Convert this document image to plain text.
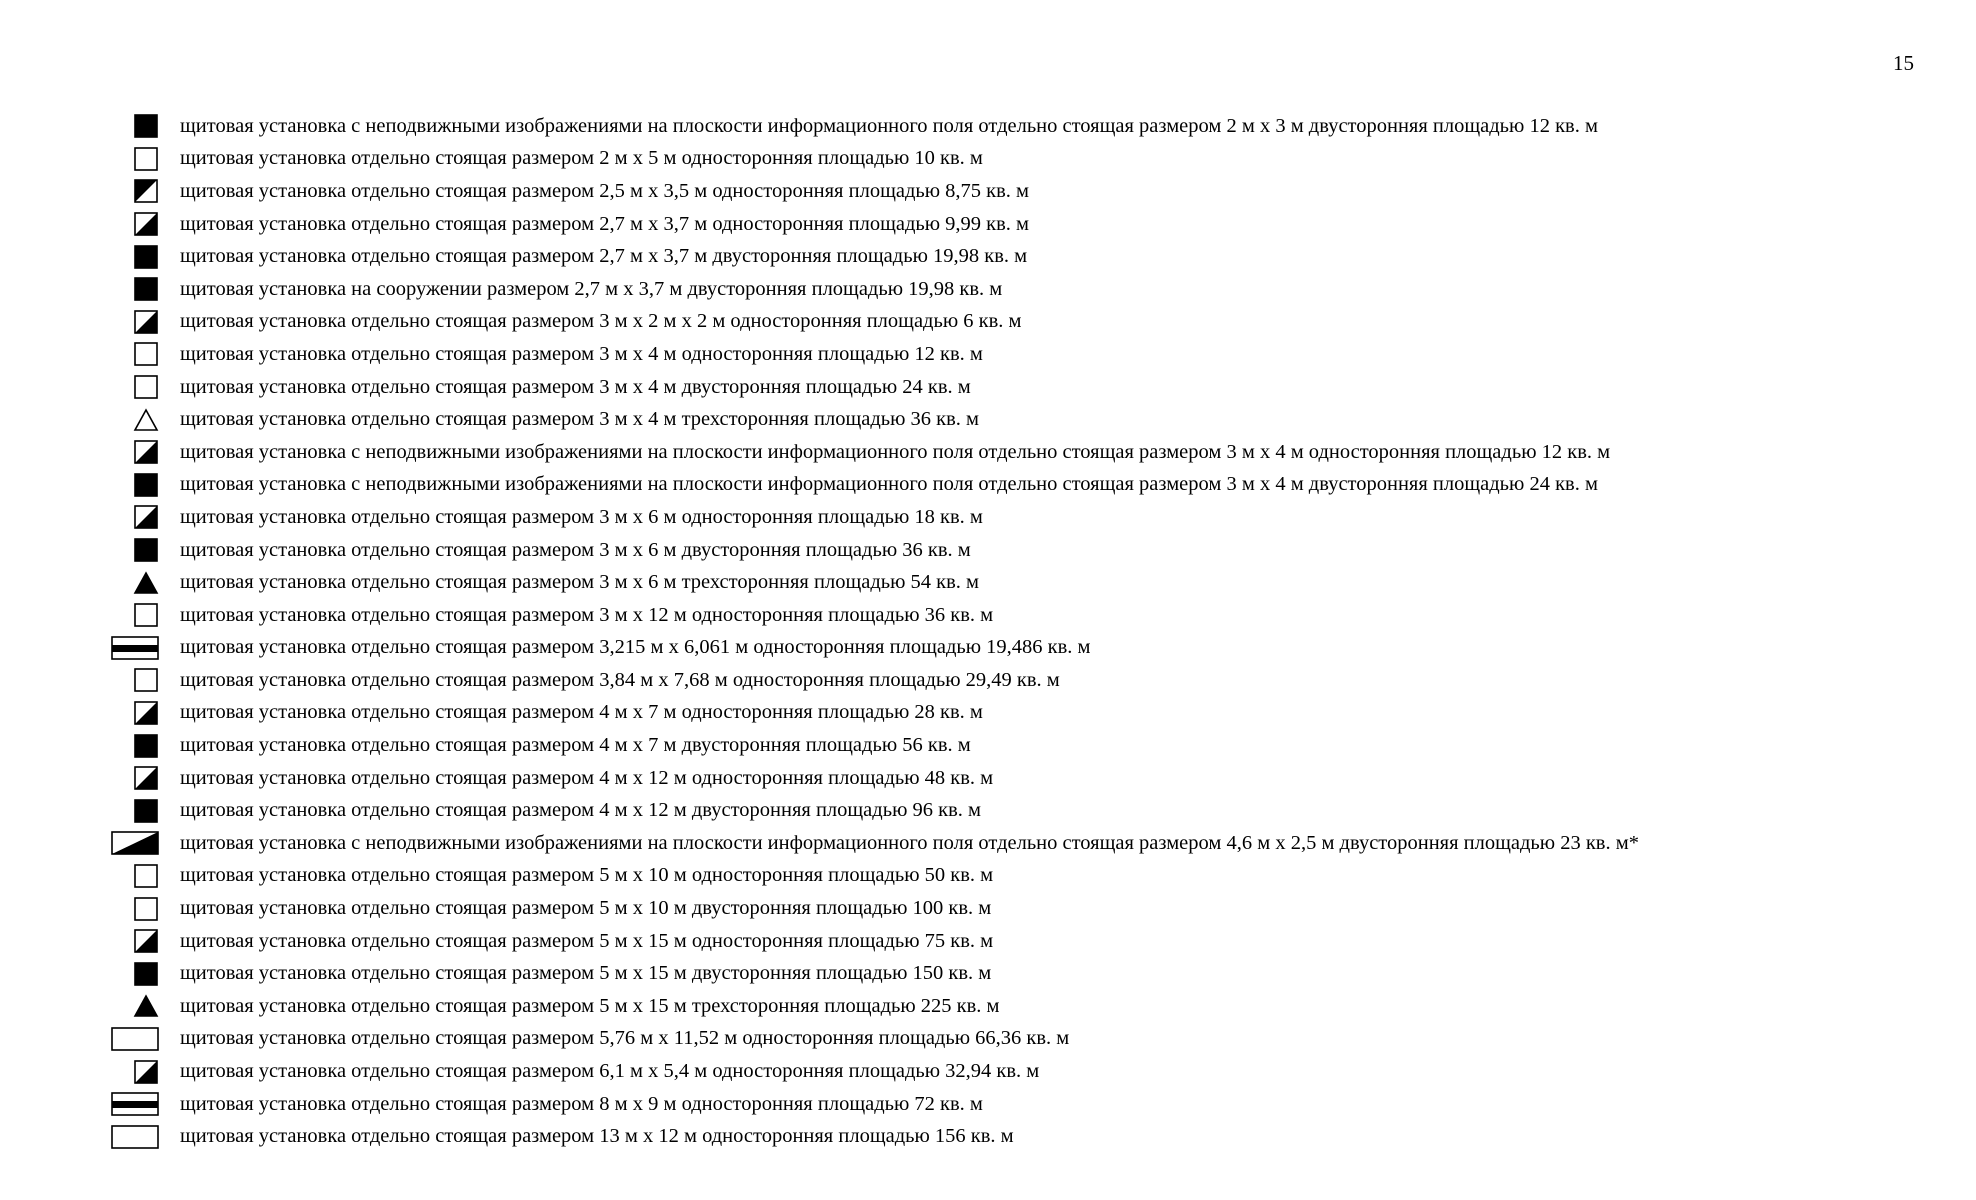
15
щитовая установка с неподвижными изображениями на плоскости информационного поля отдельно стоящая размером 2 м х 3 м двусторонняя площадью 12 кв. м
щитовая установка отдельно стоящая размером 2 м х 5 м односторонняя площадью 10 кв. м
щитовая установка отдельно стоящая размером 2,5 м х 3,5 м односторонняя площадью 8,75 кв. м
щитовая установка отдельно стоящая размером 2,7 м х 3,7 м односторонняя площадью 9,99 кв. м
щитовая установка отдельно стоящая размером 2,7 м х 3,7 м двусторонняя площадью 19,98 кв. м
щитовая установка на сооружении размером 2,7 м х 3,7 м двусторонняя площадью 19,98 кв. м
щитовая установка отдельно стоящая размером 3 м х 2 м х 2 м односторонняя площадью 6 кв. м
щитовая установка отдельно стоящая размером 3 м х 4 м односторонняя площадью 12 кв. м
щитовая установка отдельно стоящая размером 3 м х 4 м двусторонняя площадью 24 кв. м
щитовая установка отдельно стоящая размером 3 м х 4 м трехсторонняя площадью 36 кв. м
щитовая установка с неподвижными изображениями на плоскости информационного поля отдельно стоящая размером 3 м х 4 м односторонняя площадью 12 кв. м
щитовая установка с неподвижными изображениями на плоскости информационного поля отдельно стоящая размером 3 м х 4 м двусторонняя площадью 24 кв. м
щитовая установка отдельно стоящая размером 3 м х 6 м односторонняя площадью 18 кв. м
щитовая установка отдельно стоящая размером 3 м х 6 м двусторонняя площадью 36 кв. м
щитовая установка отдельно стоящая размером 3 м х 6 м трехсторонняя площадью 54 кв. м
щитовая установка отдельно стоящая размером 3 м х 12 м односторонняя площадью 36 кв. м
щитовая установка отдельно стоящая размером 3,215 м х 6,061 м односторонняя площадью 19,486 кв. м
щитовая установка отдельно стоящая размером 3,84 м х 7,68 м односторонняя площадью 29,49 кв. м
щитовая установка отдельно стоящая размером 4 м х 7 м односторонняя площадью 28 кв. м
щитовая установка отдельно стоящая размером 4 м х 7 м двусторонняя площадью 56 кв. м
щитовая установка отдельно стоящая размером 4 м х 12 м односторонняя площадью 48 кв. м
щитовая установка отдельно стоящая размером 4 м х 12 м двусторонняя площадью 96 кв. м
щитовая установка с неподвижными изображениями на плоскости информационного поля отдельно стоящая размером 4,6 м х 2,5 м двусторонняя площадью 23 кв. м*
щитовая установка отдельно стоящая размером 5 м х 10 м односторонняя площадью 50 кв. м
щитовая установка отдельно стоящая размером 5 м х 10 м двусторонняя площадью 100 кв. м
щитовая установка отдельно стоящая размером 5 м х 15 м односторонняя площадью 75 кв. м
щитовая установка отдельно стоящая размером 5 м х 15 м двусторонняя площадью 150 кв. м
щитовая установка отдельно стоящая размером 5 м х 15 м трехсторонняя площадью 225 кв. м
щитовая установка отдельно стоящая размером 5,76 м х 11,52 м односторонняя площадью 66,36 кв. м
щитовая установка отдельно стоящая размером 6,1 м х 5,4 м односторонняя площадью 32,94 кв. м
щитовая установка отдельно стоящая размером 8 м х 9 м односторонняя площадью 72 кв. м
щитовая установка отдельно стоящая размером 13 м х 12 м односторонняя площадью 156 кв. м
